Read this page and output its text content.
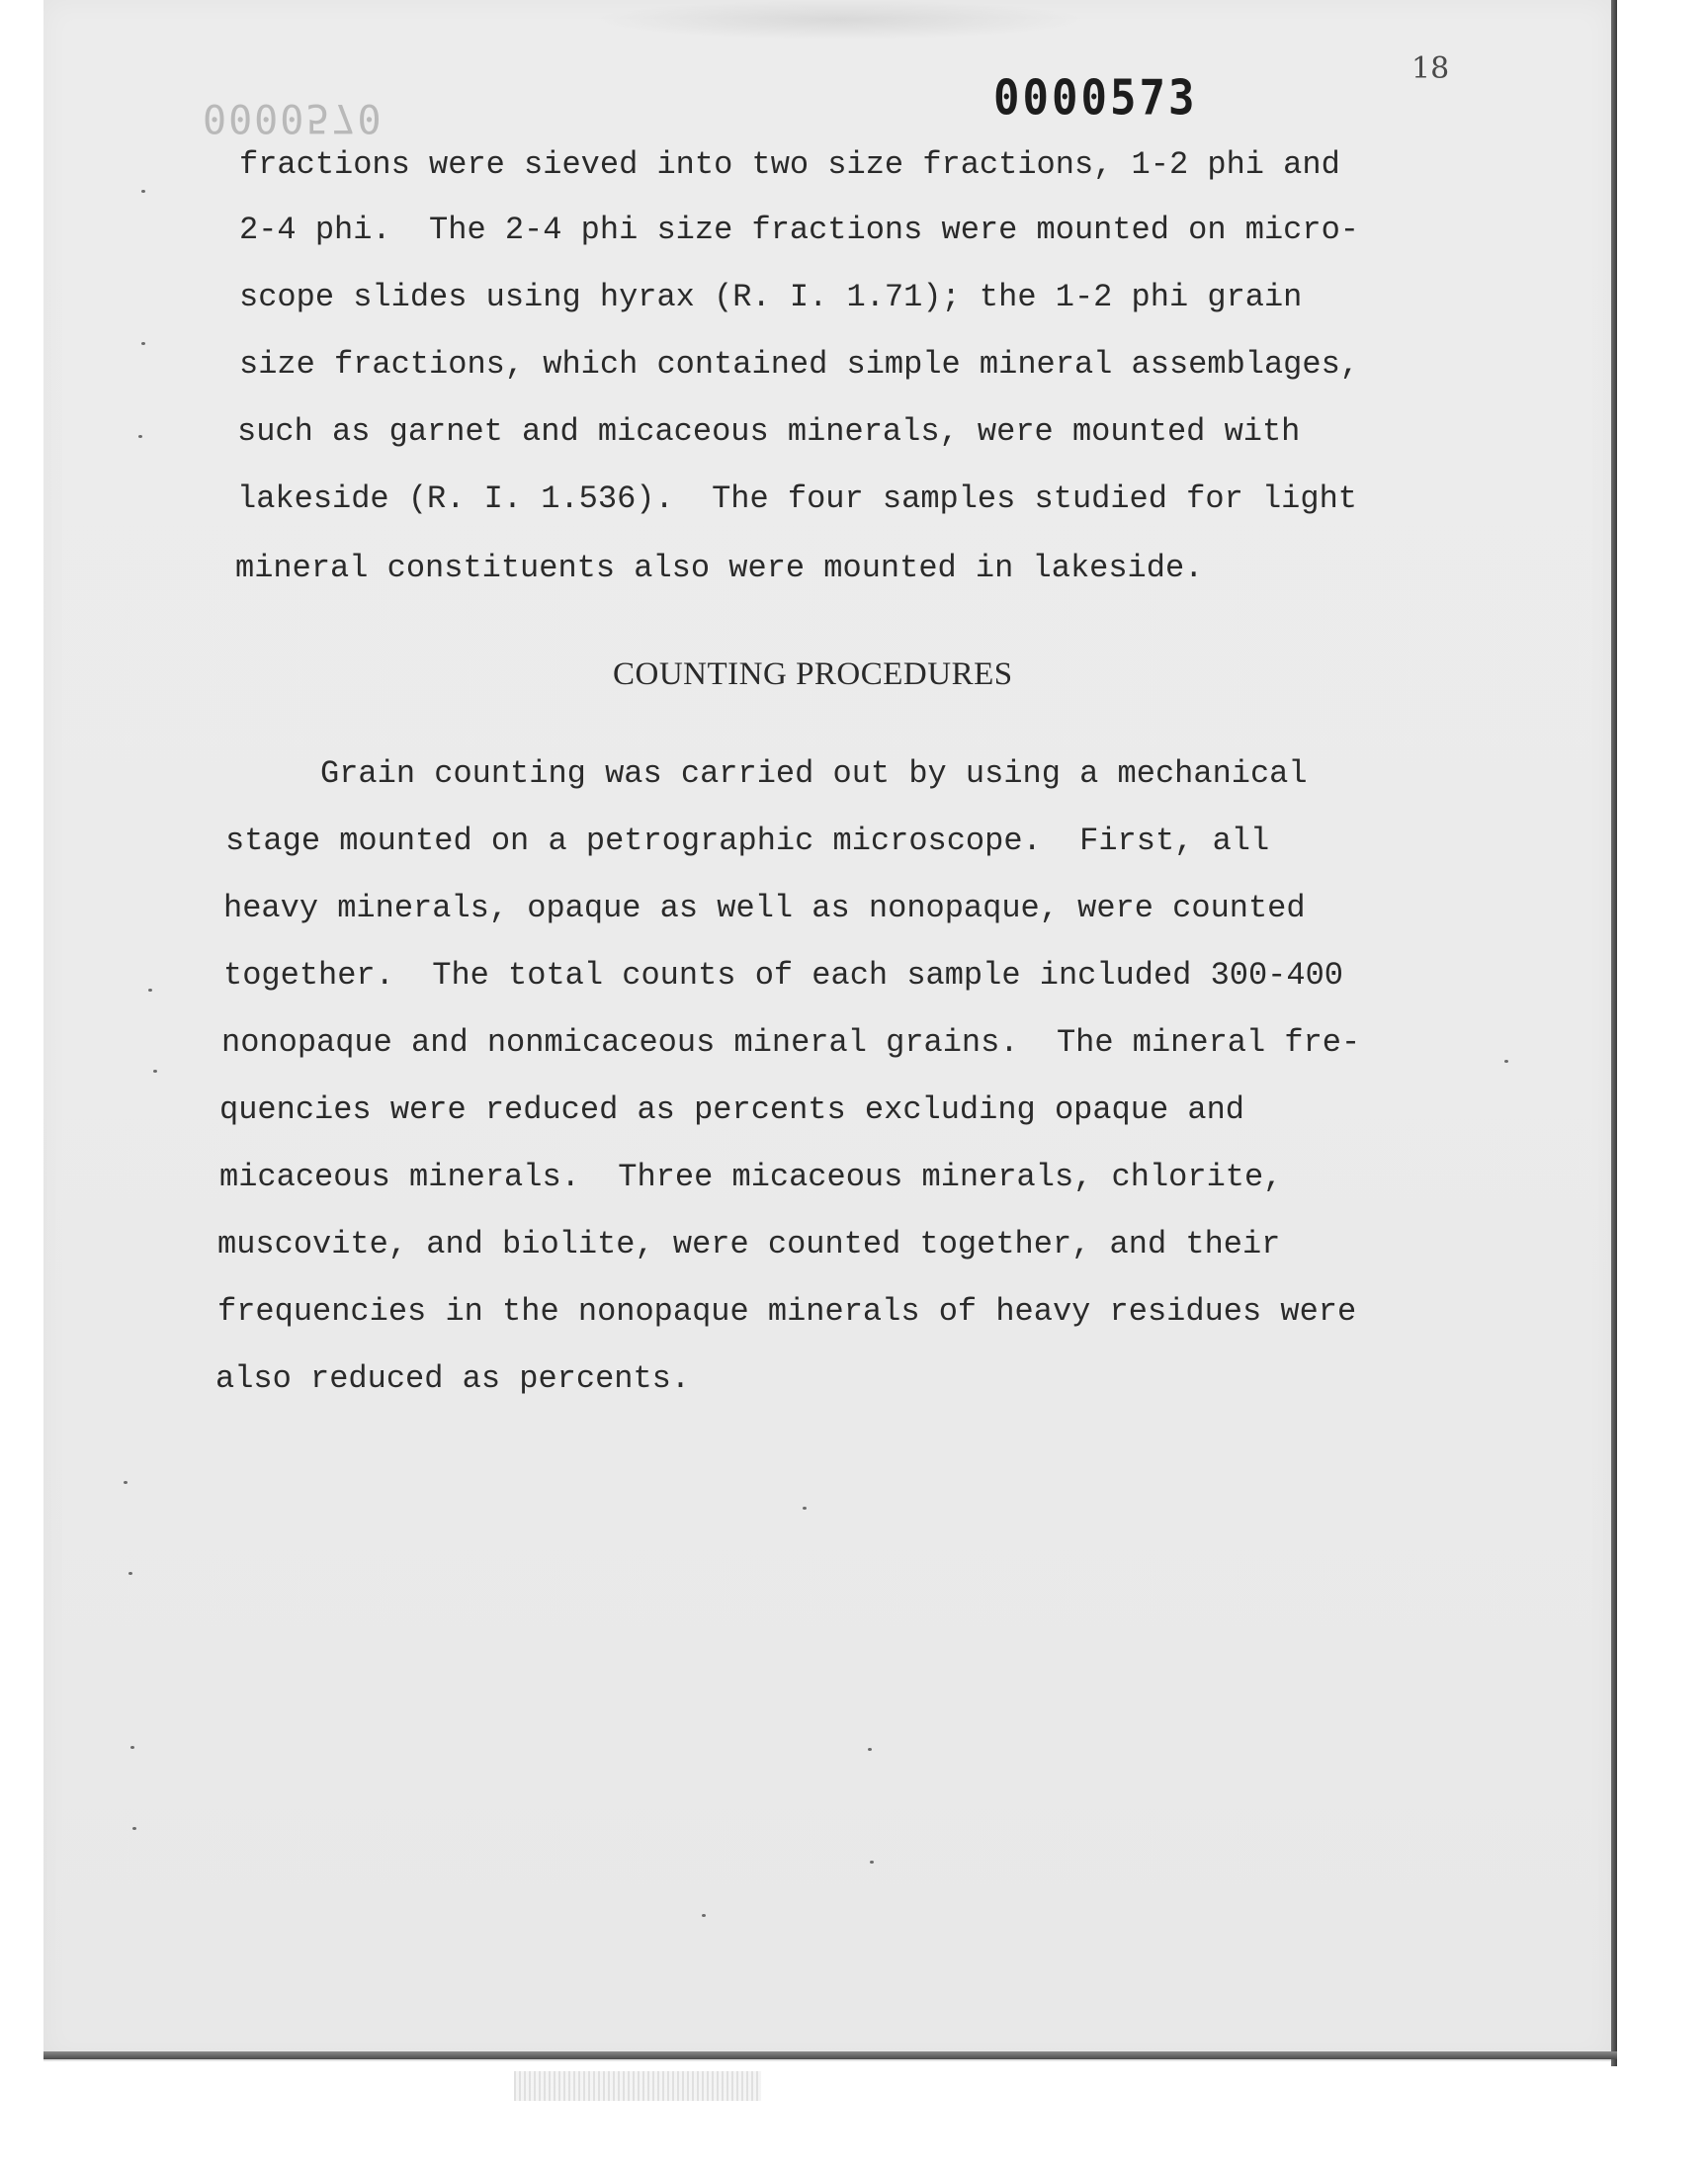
0000570	0000573
18
fractions were sieved into two size fractions, 1-2 phi and
2-4 phi.  The 2-4 phi size fractions were mounted on micro-
scope slides using hyrax (R. I. 1.71); the 1-2 phi grain
size fractions, which contained simple mineral assemblages,
such as garnet and micaceous minerals, were mounted with
lakeside (R. I. 1.536).  The four samples studied for light
mineral constituents also were mounted in lakeside.
COUNTING PROCEDURES
Grain counting was carried out by using a mechanical
stage mounted on a petrographic microscope.  First, all
heavy minerals, opaque as well as nonopaque, were counted
together.  The total counts of each sample included 300-400
nonopaque and nonmicaceous mineral grains.  The mineral fre-
quencies were reduced as percents excluding opaque and
micaceous minerals.  Three micaceous minerals, chlorite,
muscovite, and biolite, were counted together, and their
frequencies in the nonopaque minerals of heavy residues were
also reduced as percents.
